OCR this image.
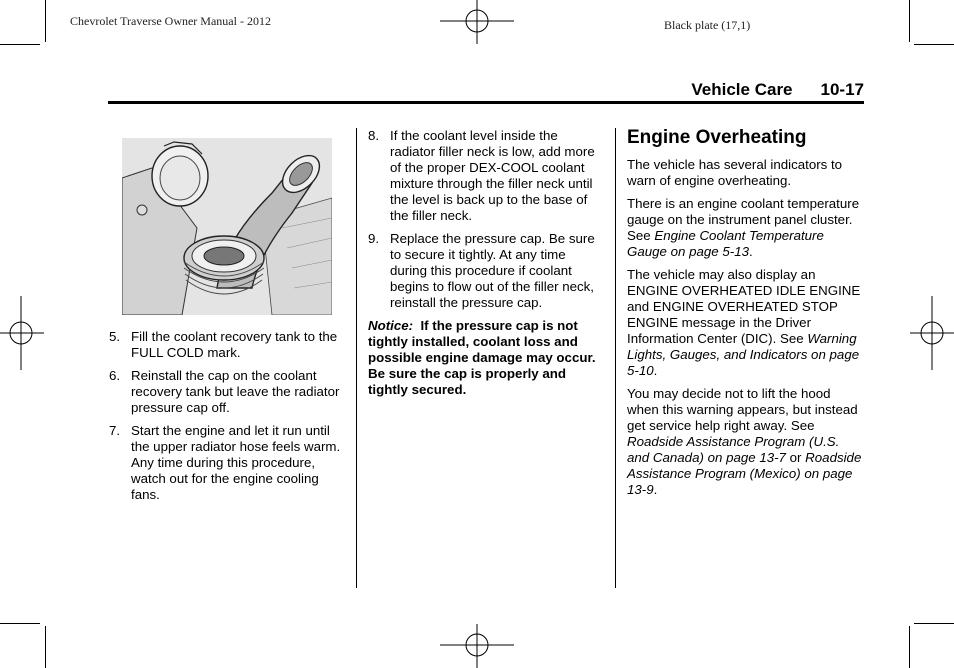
Chevrolet Traverse Owner Manual - 2012	Black plate (17,1)
Vehicle Care 10-17
5. Fill the coolant recovery tank to the FULL COLD mark.
6. Reinstall the cap on the coolant recovery tank but leave the radiator pressure cap off.
7. Start the engine and let it run until the upper radiator hose feels warm. Any time during this procedure, watch out for the engine cooling fans.
8. If the coolant level inside the radiator filler neck is low, add more of the proper DEX-COOL coolant mixture through the filler neck until the level is back up to the base of the filler neck.
9. Replace the pressure cap. Be sure to secure it tightly. At any time during this procedure if coolant begins to flow out of the filler neck, reinstall the pressure cap.

Notice: If the pressure cap is not tightly installed, coolant loss and possible engine damage may occur. Be sure the cap is properly and tightly secured.

Engine Overheating

The vehicle has several indicators to warn of engine overheating.

There is an engine coolant temperature gauge on the instrument panel cluster. See Engine Coolant Temperature Gauge on page 5-13.

The vehicle may also display an ENGINE OVERHEATED IDLE ENGINE and ENGINE OVERHEATED STOP ENGINE message in the Driver Information Center (DIC). See Warning Lights, Gauges, and Indicators on page 5-10.

You may decide not to lift the hood when this warning appears, but instead get service help right away. See Roadside Assistance Program (U.S. and Canada) on page 13-7 or Roadside Assistance Program (Mexico) on page 13-9.
